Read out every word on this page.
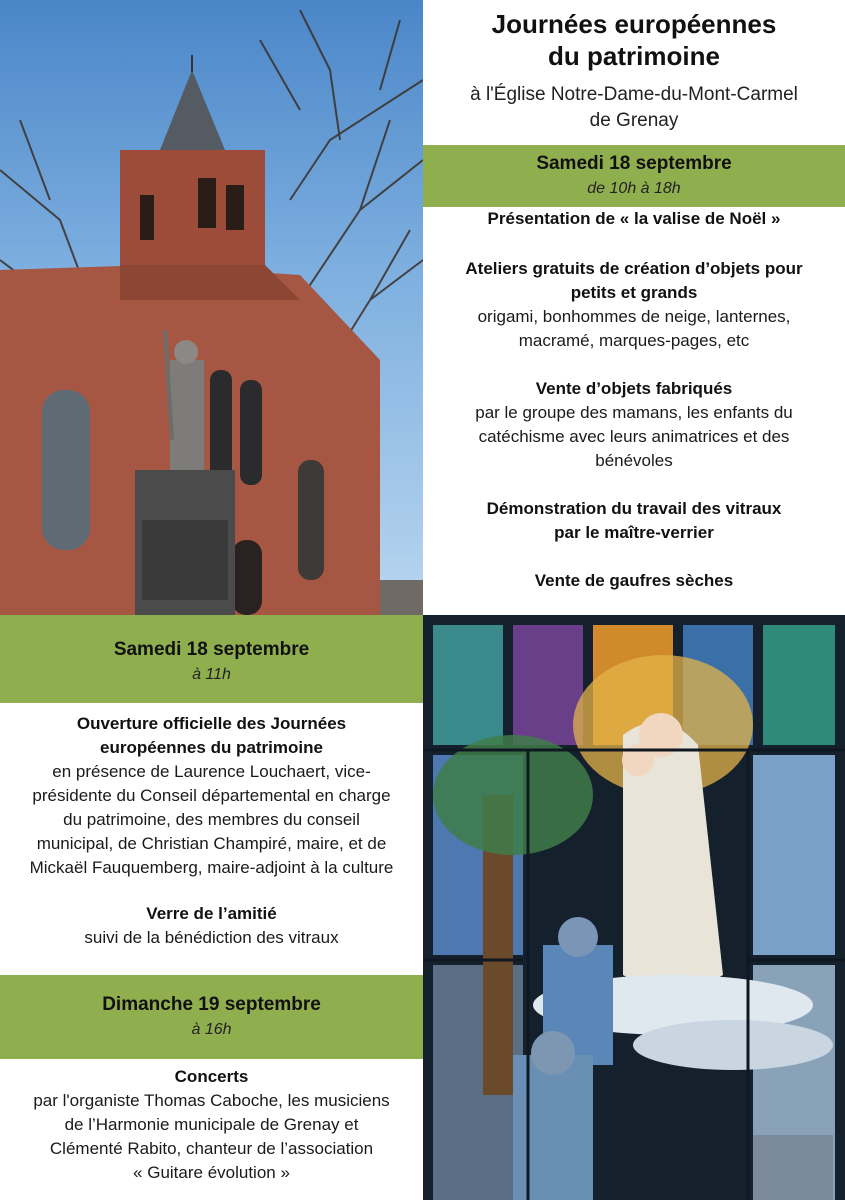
Journées européennes
du patrimoine
à l'Église Notre-Dame-du-Mont-Carmel
de Grenay
Samedi 18 septembre
de 10h à 18h
Présentation de « la valise de Noël »
Ateliers gratuits de création d’objets pour
petits et grands
origami, bonhommes de neige, lanternes,
macramé, marques-pages, etc
Vente d’objets fabriqués
par le groupe des mamans, les enfants du
catéchisme avec leurs animatrices et des
bénévoles
Démonstration du travail des vitraux
par le maître-verrier
Vente de gaufres sèches
Samedi 18 septembre
à 11h
Ouverture officielle des Journées
européennes du patrimoine
en présence de Laurence Louchaert, vice-
présidente du Conseil départemental en charge
du patrimoine, des membres du conseil
municipal, de Christian Champiré, maire, et de
Mickaël Fauquemberg, maire-adjoint à la culture
Verre de l’amitié
suivi de la bénédiction des vitraux
Dimanche 19 septembre
à 16h
Concerts
par l'organiste Thomas Caboche, les musiciens
de l’Harmonie municipale de Grenay et
Clémenté Rabito, chanteur de l’association
« Guitare évolution »
